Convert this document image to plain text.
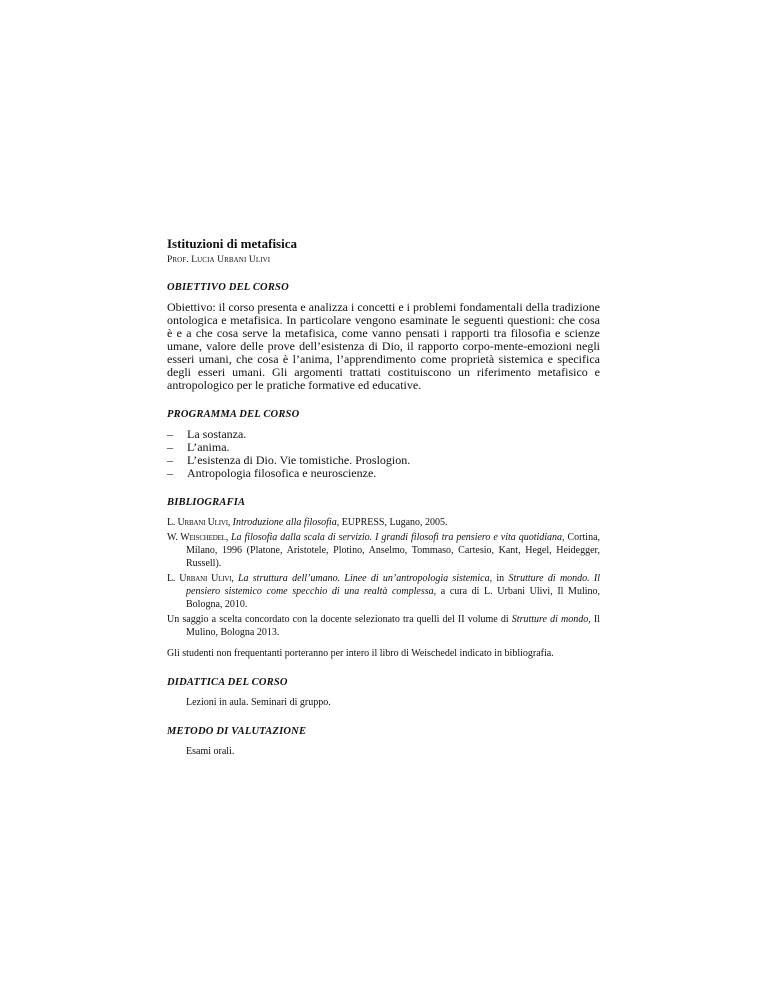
Istituzioni di metafisica

Prof. Lucia Urbani Ulivi

OBIETTIVO DEL CORSO

Obiettivo: il corso presenta e analizza i concetti e i problemi fondamentali della tradizione ontologica e metafisica. In particolare vengono esaminate le seguenti questioni: che cosa è e a che cosa serve la metafisica, come vanno pensati i rapporti tra filosofia e scienze umane, valore delle prove dell’esistenza di Dio, il rapporto corpo-mente-emozioni negli esseri umani, che cosa è l’anima, l’apprendimento come proprietà sistemica e specifica degli esseri umani. Gli argomenti trattati costituiscono un riferimento metafisico e antropologico per le pratiche formative ed educative.

PROGRAMMA DEL CORSO
–	La sostanza.
–	L’anima.
–	L’esistenza di Dio. Vie tomistiche. Proslogion.
–	Antropologia filosofica e neuroscienze.
BIBLIOGRAFIA

L. Urbani Ulivi, Introduzione alla filosofia, EUPRESS, Lugano, 2005.

W. Weischedel, La filosofia dalla scala di servizio. I grandi filosofi tra pensiero e vita quotidiana, Cortina, Milano, 1996 (Platone, Aristotele, Plotino, Anselmo, Tommaso, Cartesio, Kant, Hegel, Heidegger, Russell).

L. Urbani Ulivi, La struttura dell’umano. Linee di un’antropologia sistemica, in Strutture di mondo. Il pensiero sistemico come specchio di una realtà complessa, a cura di L. Urbani Ulivi, Il Mulino, Bologna, 2010.

Un saggio a scelta concordato con la docente selezionato tra quelli del II volume di Strutture di mondo, Il Mulino, Bologna 2013.

Gli studenti non frequentanti porteranno per intero il libro di Weischedel indicato in bibliografia.

DIDATTICA DEL CORSO

Lezioni in aula. Seminari di gruppo.

METODO DI VALUTAZIONE

Esami orali.
